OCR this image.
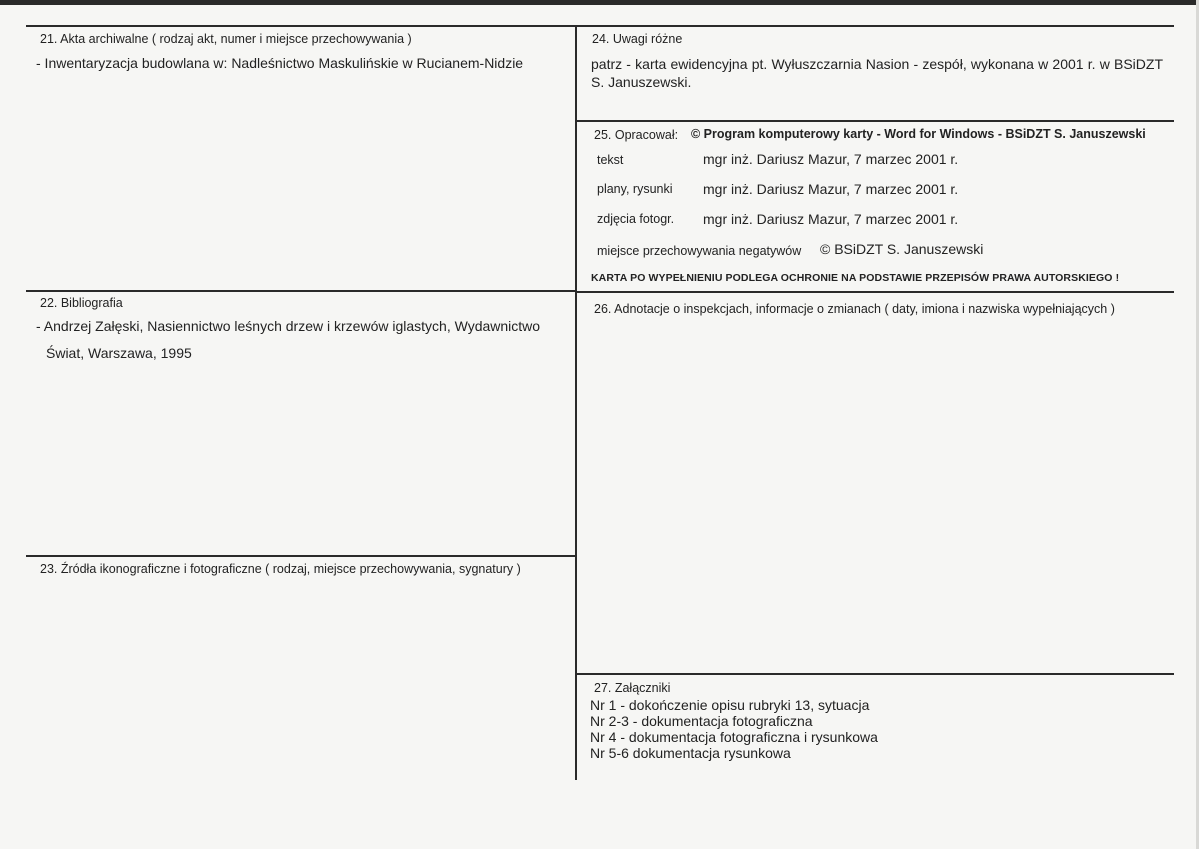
21. Akta archiwalne ( rodzaj akt, numer i miejsce przechowywania )
- Inwentaryzacja budowlana w: Nadleśnictwo Maskulińskie w Rucianem-Nidzie
22. Bibliografia
- Andrzej Załęski, Nasiennictwo leśnych drzew i krzewów iglastych, Wydawnictwo
Świat, Warszawa, 1995
23. Źródła ikonograficzne i fotograficzne ( rodzaj, miejsce przechowywania, sygnatury )
24. Uwagi różne
patrz - karta ewidencyjna pt. Wyłuszczarnia Nasion - zespół, wykonana w 2001 r. w BSiDZT S. Januszewski.
25. Opracował: © Program komputerowy karty - Word for Windows - BSiDZT S. Januszewski
tekst	mgr inż. Dariusz Mazur, 7 marzec 2001 r.
plany, rysunki mgr inż. Dariusz Mazur, 7 marzec 2001 r.
zdjęcia fotogr. mgr inż. Dariusz Mazur, 7 marzec 2001 r.
miejsce przechowywania negatywów © BSiDZT S. Januszewski
KARTA PO WYPEŁNIENIU PODLEGA OCHRONIE NA PODSTAWIE PRZEPISÓW PRAWA AUTORSKIEGO !
26. Adnotacje o inspekcjach, informacje o zmianach ( daty, imiona i nazwiska wypełniających )
27. Załączniki
Nr 1 - dokończenie opisu rubryki 13, sytuacja
Nr 2-3 - dokumentacja fotograficzna
Nr 4 - dokumentacja fotograficzna i rysunkowa
Nr 5-6 dokumentacja rysunkowa
